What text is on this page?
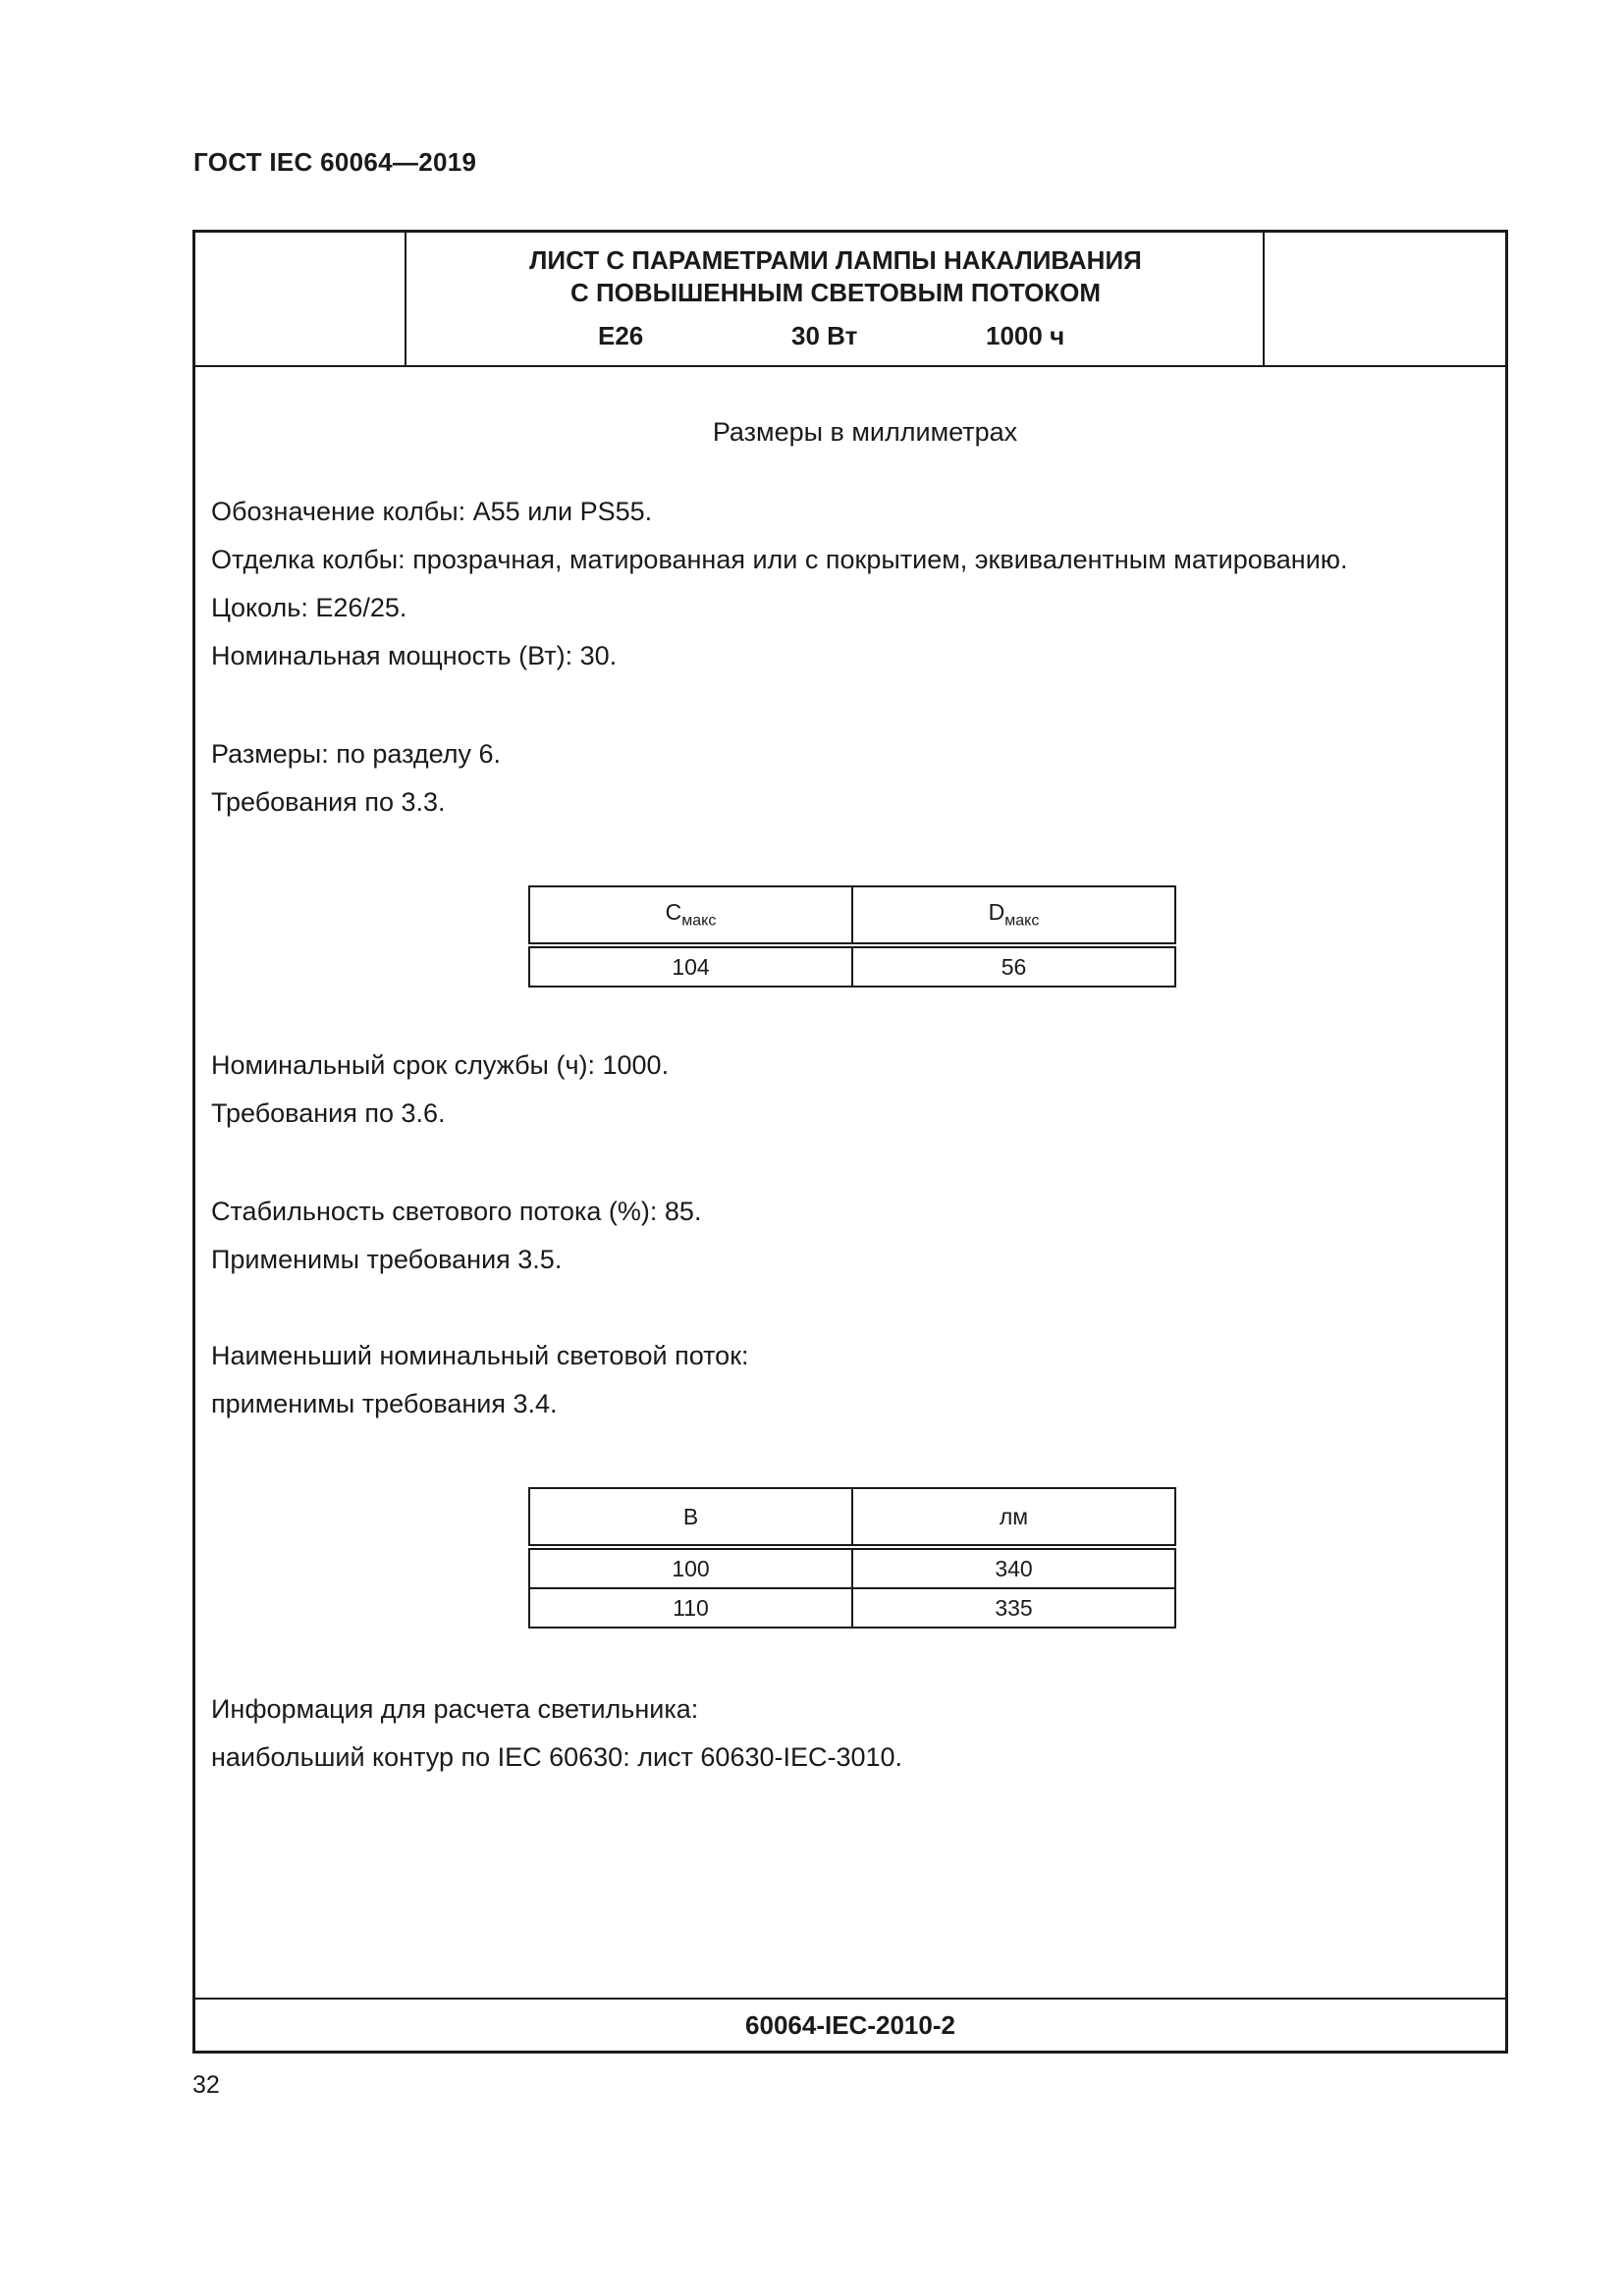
ГОСТ IEC 60064—2019
ЛИСТ С ПАРАМЕТРАМИ ЛАМПЫ НАКАЛИВАНИЯ
С ПОВЫШЕННЫМ СВЕТОВЫМ ПОТОКОМ
E26	30 Вт	1000 ч
Размеры в миллиметрах
Обозначение колбы: А55 или PS55.
Отделка колбы: прозрачная, матированная или с покрытием, эквивалентным матированию.
Цоколь: E26/25.
Номинальная мощность (Вт): 30.
Размеры: по разделу 6.
Требования по 3.3.
$C_{макс}$	$D_{макс}$
104	56
Номинальный срок службы (ч): 1000.
Требования по 3.6.
Стабильность светового потока (%): 85.
Применимы требования 3.5.
Наименьший номинальный световой поток:
применимы требования 3.4.
В	лм
100	340
110	335
Информация для расчета светильника:
наибольший контур по IEC 60630: лист 60630-IEC-3010.
60064-IEC-2010-2
32
